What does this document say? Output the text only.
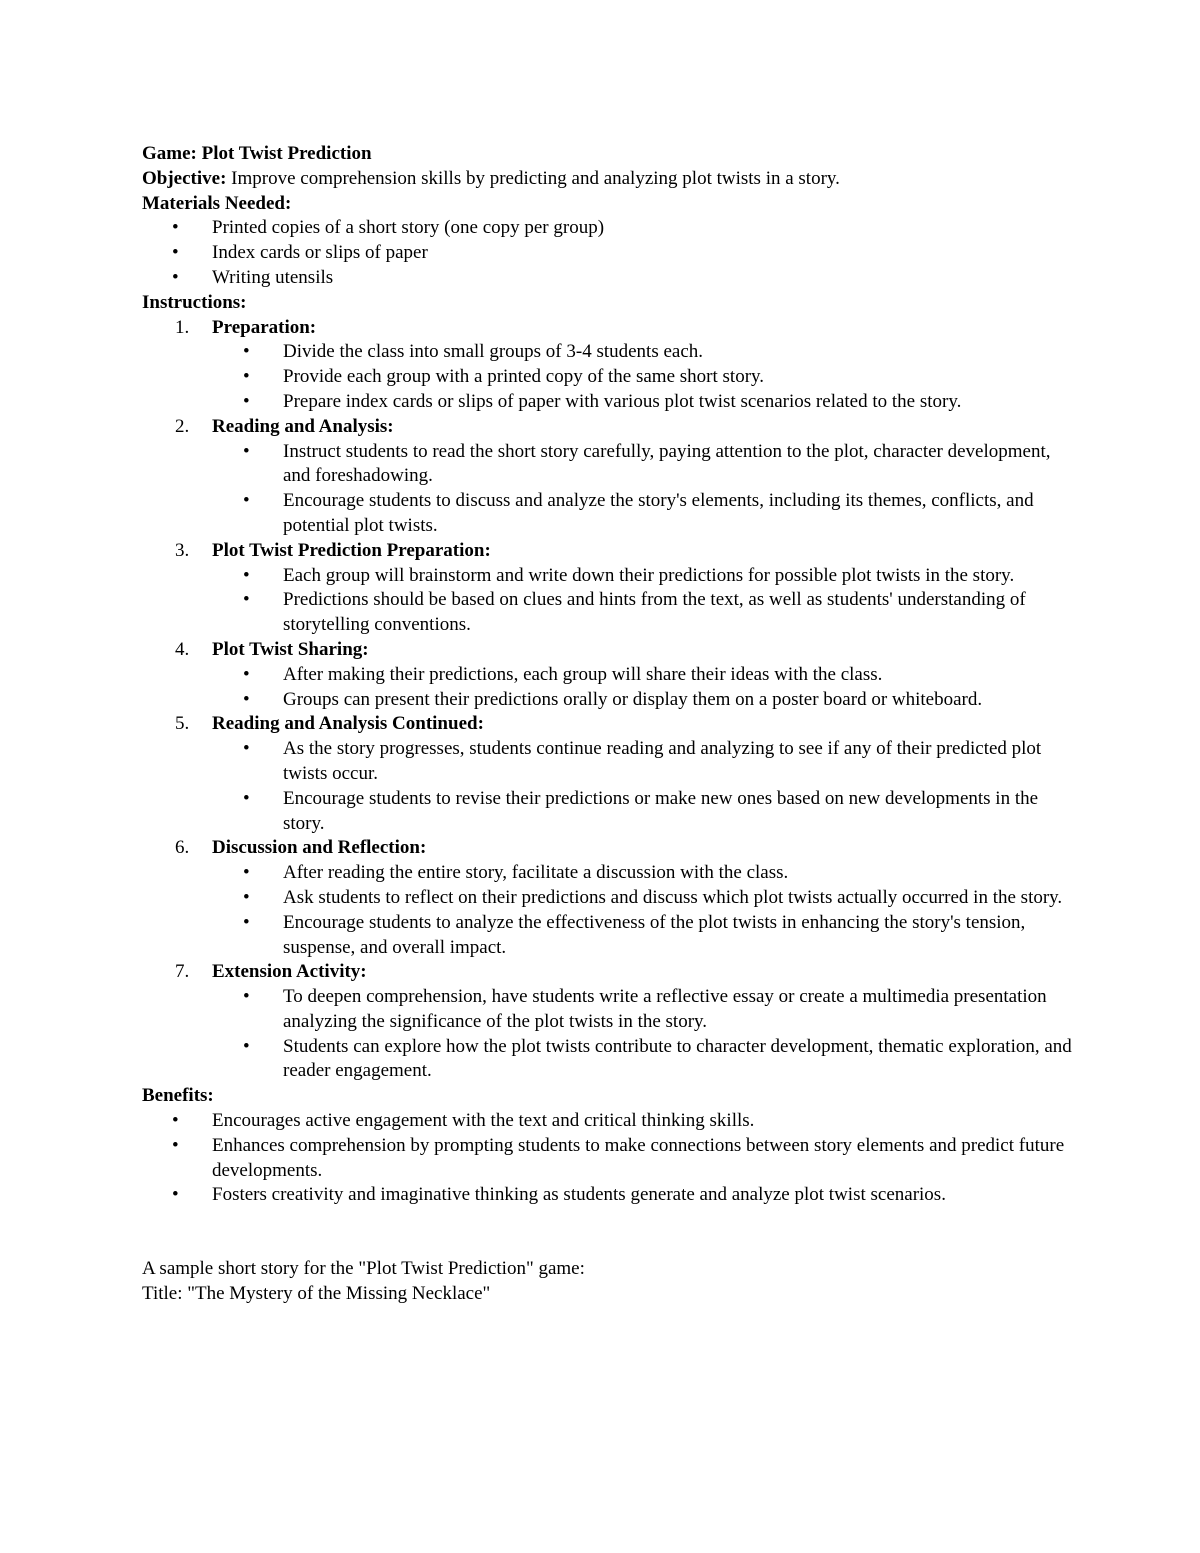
Game: Plot Twist Prediction

Objective: Improve comprehension skills by predicting and analyzing plot twists in a story.

Materials Needed:

•	Printed copies of a short story (one copy per group)
•	Index cards or slips of paper
•	Writing utensils

Instructions:

1. Preparation:
•	Divide the class into small groups of 3-4 students each.
•	Provide each group with a printed copy of the same short story.
•	Prepare index cards or slips of paper with various plot twist scenarios related to the story.
2. Reading and Analysis:
•	Instruct students to read the short story carefully, paying attention to the plot, character development, and foreshadowing.
•	Encourage students to discuss and analyze the story's elements, including its themes, conflicts, and potential plot twists.
3. Plot Twist Prediction Preparation:
•	Each group will brainstorm and write down their predictions for possible plot twists in the story.
•	Predictions should be based on clues and hints from the text, as well as students' understanding of storytelling conventions.
4. Plot Twist Sharing:
•	After making their predictions, each group will share their ideas with the class.
•	Groups can present their predictions orally or display them on a poster board or whiteboard.
5. Reading and Analysis Continued:
•	As the story progresses, students continue reading and analyzing to see if any of their predicted plot twists occur.
•	Encourage students to revise their predictions or make new ones based on new developments in the story.
6. Discussion and Reflection:
•	After reading the entire story, facilitate a discussion with the class.
•	Ask students to reflect on their predictions and discuss which plot twists actually occurred in the story.
•	Encourage students to analyze the effectiveness of the plot twists in enhancing the story's tension, suspense, and overall impact.
7. Extension Activity:
•	To deepen comprehension, have students write a reflective essay or create a multimedia presentation analyzing the significance of the plot twists in the story.
•	Students can explore how the plot twists contribute to character development, thematic exploration, and reader engagement.

Benefits:

•	Encourages active engagement with the text and critical thinking skills.
•	Enhances comprehension by prompting students to make connections between story elements and predict future developments.
•	Fosters creativity and imaginative thinking as students generate and analyze plot twist scenarios.

A sample short story for the "Plot Twist Prediction" game:

Title: "The Mystery of the Missing Necklace"
